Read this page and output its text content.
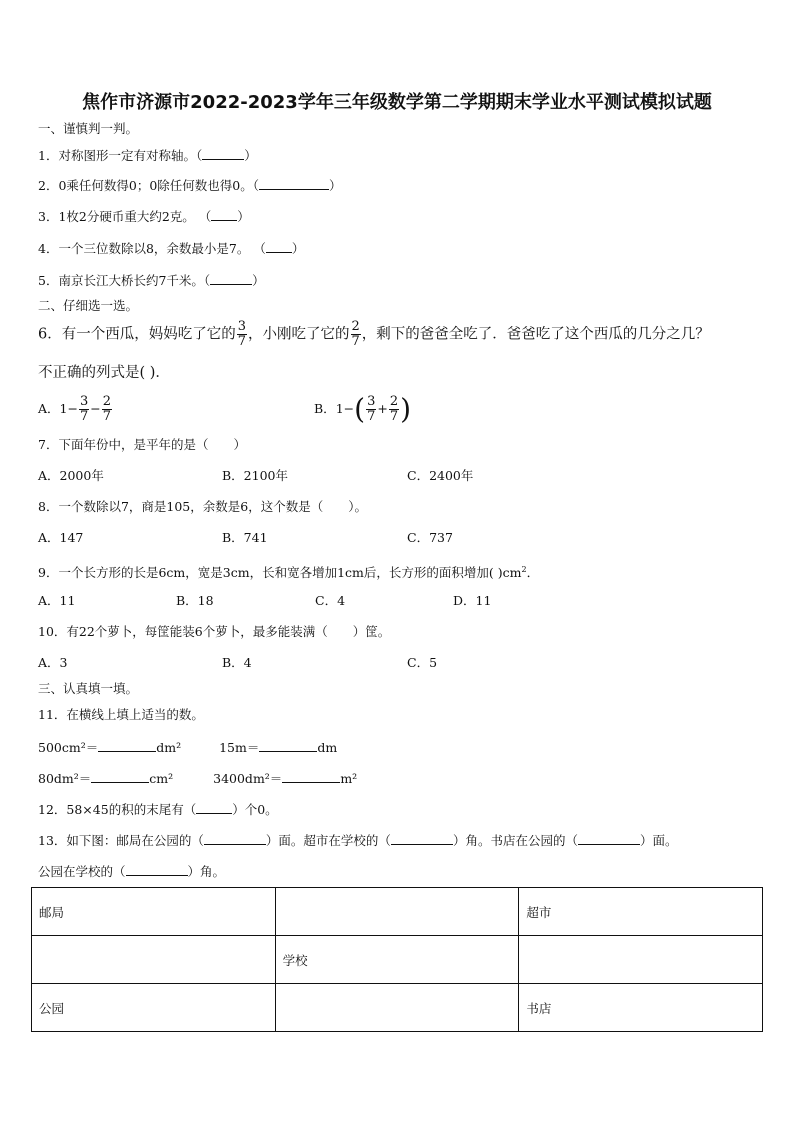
焦作市济源市2022-2023学年三年级数学第二学期期末学业水平测试模拟试题
一、谨慎判一判。
1．对称图形一定有对称轴。（	）
2．0乘任何数得0；0除任何数也得0。（	）
3．1枚2分硬币重大约2克。 （ ）
4．一个三位数除以8，余数最小是7。 （ ）
5．南京长江大桥长约7千米。（	）
二、仔细选一选。
6．有一个西瓜，妈妈吃了它的 $\frac{3}{7}$ ，小刚吃了它的 $\frac{2}{7}$ ，剩下的爸爸全吃了．爸爸吃了这个西瓜的几分之几？
不正确的列式是( )．
A．$1- \frac{3}{7} - \frac{2}{7}$	B．$1-( \frac{3}{7} + \frac{2}{7}$ )
7．下面年份中，是平年的是（　　）
A．2000年	B．2100年	C．2400年
8．一个数除以7，商是105，余数是6，这个数是（　　）。
A．147	B．741	C．737
9．一个长方形的长是6cm，宽是3cm，长和宽各增加1cm后，长方形的面积增加( )$cm^2$．
A．11	B．18	C．4	D．11
10．有22个萝卜，每筐能装6个萝卜，最多能装满（　　）筐。
A．3	B．4	C．5
三、认真填一填。
11．在横线上填上适当的数。
500cm²＝	dm²	15m＝	dm
80dm²＝	cm²	3400dm²＝	m²
12．58×45的积的末尾有（	）个0。
13．如下图：邮局在公园的（	）面。超市在学校的（	）角。书店在公园的（	）面。
公园在学校的（	）角。
邮局		超市
	学校	
公园		书店
